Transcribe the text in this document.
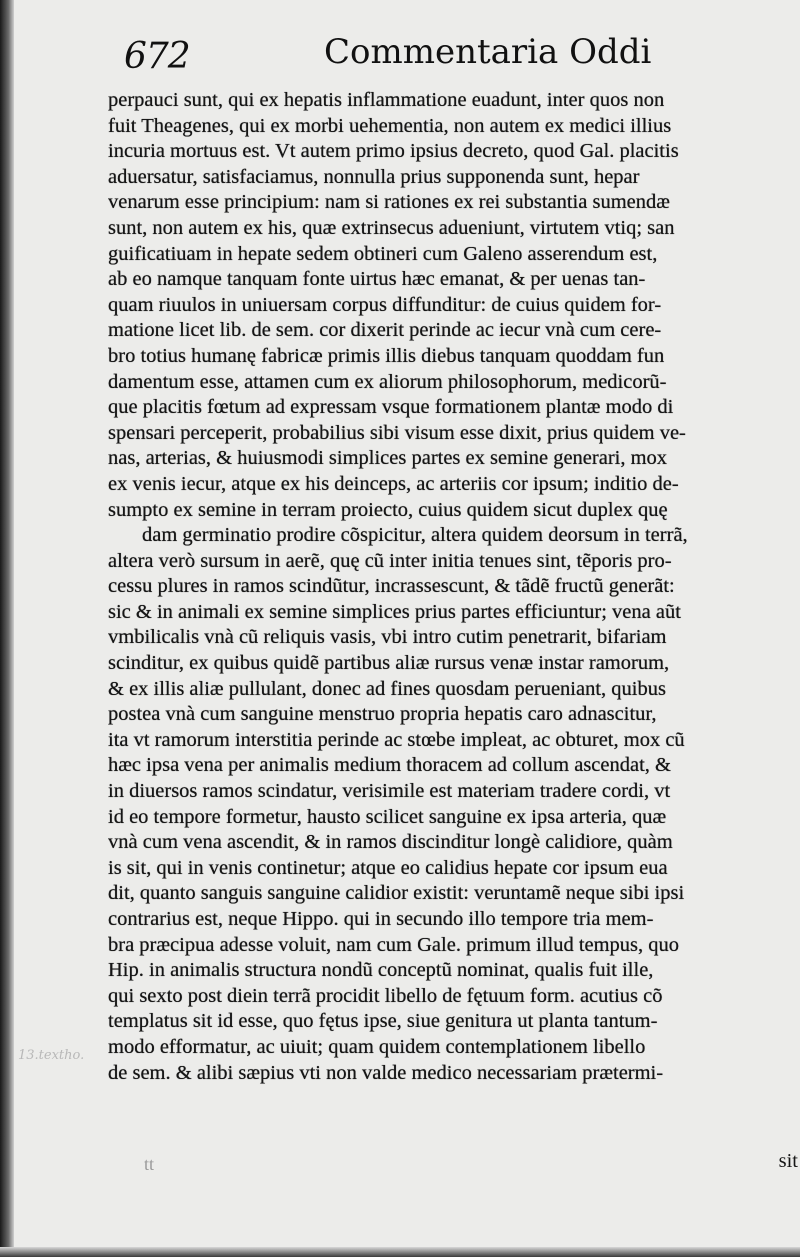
13.textho.
672	Commentaria Oddi
perpauci sunt, qui ex hepatis inflammatione euadunt, inter quos non
fuit Theagenes, qui ex morbi uehementia, non autem ex medici illius
incuria mortuus est. Vt autem primo ipsius decreto, quod Gal. placitis
aduersatur, satisfaciamus, nonnulla prius supponenda sunt, hepar
venarum esse principium: nam si rationes ex rei substantia sumendæ
sunt, non autem ex his, quæ extrinsecus adueniunt, virtutem vtiq; san
guificatiuam in hepate sedem obtineri cum Galeno asserendum est,
ab eo namque tanquam fonte uirtus hæc emanat, & per uenas tan-
quam riuulos in uniuersam corpus diffunditur: de cuius quidem for-
matione licet lib. de sem. cor dixerit perinde ac iecur vnà cum cere-
bro totius humanę fabricæ primis illis diebus tanquam quoddam fun
damentum esse, attamen cum ex aliorum philosophorum, medicorũ-
que placitis fœtum ad expressam vsque formationem plantæ modo di
spensari perceperit, probabilius sibi visum esse dixit, prius quidem ve-
nas, arterias, & huiusmodi simplices partes ex semine generari, mox
ex venis iecur, atque ex his deinceps, ac arteriis cor ipsum; inditio de-
sumpto ex semine in terram proiecto, cuius quidem sicut duplex quę
dam germinatio prodire cõspicitur, altera quidem deorsum in terrã,
altera verò sursum in aerẽ, quę cũ inter initia tenues sint, tẽporis pro-
cessu plures in ramos scindũtur, incrassescunt, & tãdẽ fructũ generãt:
sic & in animali ex semine simplices prius partes efficiuntur; vena aũt
vmbilicalis vnà cũ reliquis vasis, vbi intro cutim penetrarit, bifariam
scinditur, ex quibus quidẽ partibus aliæ rursus venæ instar ramorum,
& ex illis aliæ pullulant, donec ad fines quosdam perueniant, quibus
postea vnà cum sanguine menstruo propria hepatis caro adnascitur,
ita vt ramorum interstitia perinde ac stœbe impleat, ac obturet, mox cũ
hæc ipsa vena per animalis medium thoracem ad collum ascendat, &
in diuersos ramos scindatur, verisimile est materiam tradere cordi, vt
id eo tempore formetur, hausto scilicet sanguine ex ipsa arteria, quæ
vnà cum vena ascendit, & in ramos discinditur longè calidiore, quàm
is sit, qui in venis continetur; atque eo calidius hepate cor ipsum eua
dit, quanto sanguis sanguine calidior existit: veruntamẽ neque sibi ipsi
contrarius est, neque Hippo. qui in secundo illo tempore tria mem-
bra præcipua adesse voluit, nam cum Gale. primum illud tempus, quo
Hip. in animalis structura nondũ conceptũ nominat, qualis fuit ille,
qui sexto post diein terrã procidit libello de fętuum form. acutius cõ
templatus sit id esse, quo fętus ipse, siue genitura ut planta tantum-
modo efformatur, ac uiuit; quam quidem contemplationem libello
de sem. & alibi sæpius vti non valde medico necessariam prætermi-
tt	sit
